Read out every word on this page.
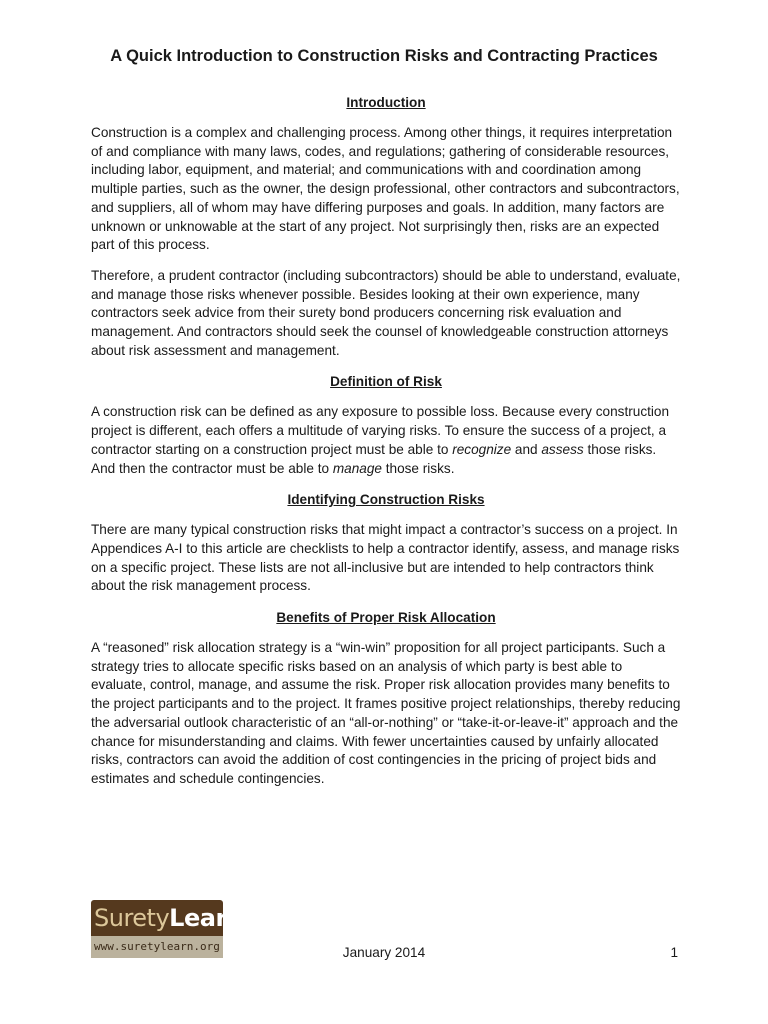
A Quick Introduction to Construction Risks and Contracting Practices
Introduction

Construction is a complex and challenging process. Among other things, it requires interpretation of and compliance with many laws, codes, and regulations; gathering of considerable resources, including labor, equipment, and material; and communications with and coordination among multiple parties, such as the owner, the design professional, other contractors and subcontractors, and suppliers, all of whom may have differing purposes and goals. In addition, many factors are unknown or unknowable at the start of any project. Not surprisingly then, risks are an expected part of this process.

Therefore, a prudent contractor (including subcontractors) should be able to understand, evaluate, and manage those risks whenever possible. Besides looking at their own experience, many contractors seek advice from their surety bond producers concerning risk evaluation and management. And contractors should seek the counsel of knowledgeable construction attorneys about risk assessment and management.

Definition of Risk

A construction risk can be defined as any exposure to possible loss. Because every construction project is different, each offers a multitude of varying risks. To ensure the success of a project, a contractor starting on a construction project must be able to recognize and assess those risks. And then the contractor must be able to manage those risks.

Identifying Construction Risks

There are many typical construction risks that might impact a contractor’s success on a project. In Appendices A-I to this article are checklists to help a contractor identify, assess, and manage risks on a specific project. These lists are not all-inclusive but are intended to help contractors think about the risk management process.

Benefits of Proper Risk Allocation

A “reasoned” risk allocation strategy is a “win-win” proposition for all project participants. Such a strategy tries to allocate specific risks based on an analysis of which party is best able to evaluate, control, manage, and assume the risk. Proper risk allocation provides many benefits to the project participants and to the project. It frames positive project relationships, thereby reducing the adversarial outlook characteristic of an “all-or-nothing” or “take-it-or-leave-it” approach and the chance for misunderstanding and claims. With fewer uncertainties caused by unfairly allocated risks, contractors can avoid the addition of cost contingencies in the pricing of project bids and estimates and schedule contingencies.

Surety Learn
www.suretylearn.org	January 2014	1
